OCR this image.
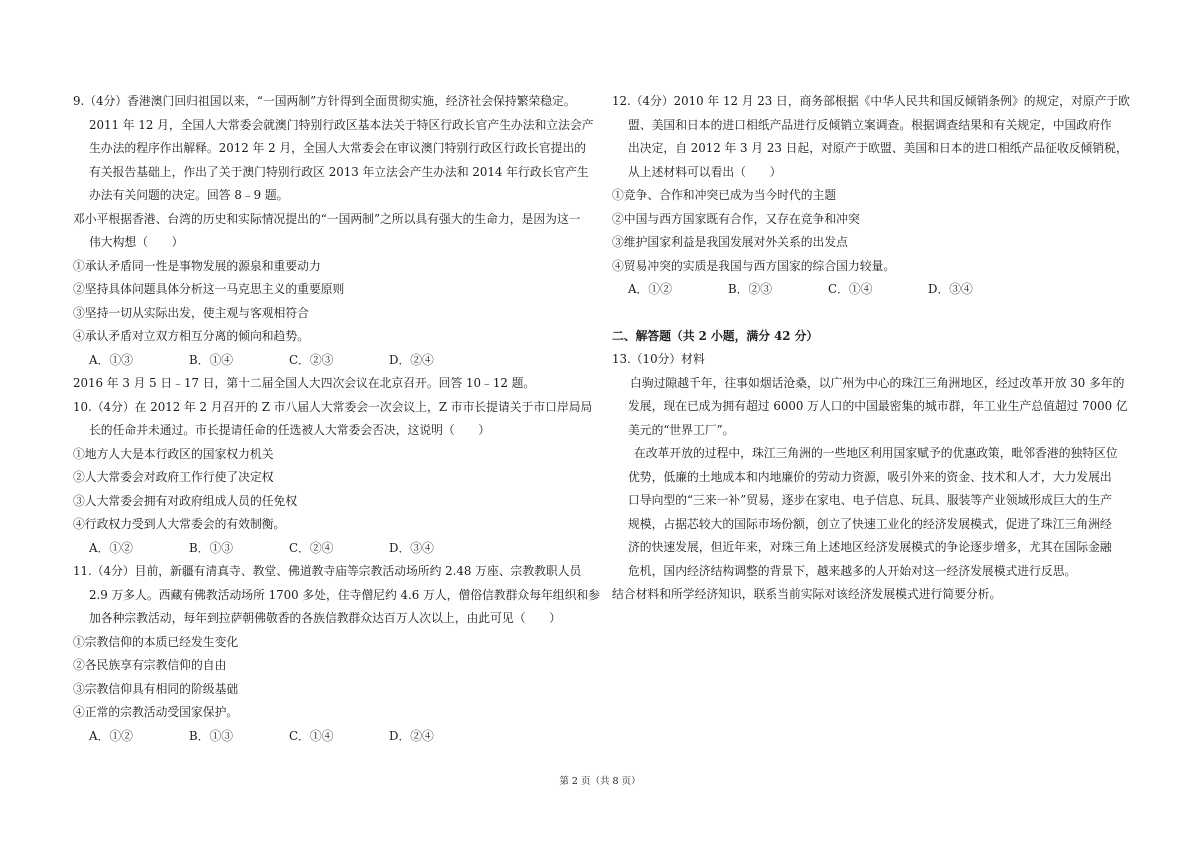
9.（4分）香港澳门回归祖国以来，“一国两制”方针得到全面贯彻实施，经济社会保持繁荣稳定。
2011 年 12 月，全国人大常委会就澳门特别行政区基本法关于特区行政长官产生办法和立法会产
生办法的程序作出解释。2012 年 2 月，全国人大常委会在审议澳门特别行政区行政长官提出的
有关报告基础上，作出了关于澳门特别行政区 2013 年立法会产生办法和 2014 年行政长官产生
办法有关问题的决定。回答 8﹣9 题。
邓小平根据香港、台湾的历史和实际情况提出的“一国两制”之所以具有强大的生命力，是因为这一
伟大构想（　　）
①承认矛盾同一性是事物发展的源泉和重要动力
②坚持具体问题具体分析这一马克思主义的重要原则
③坚持一切从实际出发，使主观与客观相符合
④承认矛盾对立双方相互分离的倾向和趋势。
A．①③	B．①④	C．②③	D．②④
2016 年 3 月 5 日﹣17 日，第十二届全国人大四次会议在北京召开。回答 10﹣12 题。
10.（4分）在 2012 年 2 月召开的 Z 市八届人大常委会一次会议上，Z 市市长提请关于市口岸局局
长的任命并未通过。市长提请任命的任选被人大常委会否决，这说明（　　）
①地方人大是本行政区的国家权力机关
②人大常委会对政府工作行使了决定权
③人大常委会拥有对政府组成人员的任免权
④行政权力受到人大常委会的有效制衡。
A．①②	B．①③	C．②④	D．③④
11.（4分）目前，新疆有清真寺、教堂、佛道教寺庙等宗教活动场所约 2.48 万座、宗教教职人员
2.9 万多人。西藏有佛教活动场所 1700 多处，住寺僧尼约 4.6 万人，僧俗信教群众每年组织和参
加各种宗教活动，每年到拉萨朝佛敬香的各族信教群众达百万人次以上，由此可见（　　）
①宗教信仰的本质已经发生变化
②各民族享有宗教信仰的自由
③宗教信仰具有相同的阶级基础
④正常的宗教活动受国家保护。
A．①②	B．①③	C．①④	D．②④
12.（4分）2010 年 12 月 23 日，商务部根据《中华人民共和国反倾销条例》的规定，对原产于欧
盟、美国和日本的进口相纸产品进行反倾销立案调查。根据调查结果和有关规定，中国政府作
出决定，自 2012 年 3 月 23 日起，对原产于欧盟、美国和日本的进口相纸产品征收反倾销税，
从上述材料可以看出（　　）
①竞争、合作和冲突已成为当今时代的主题
②中国与西方国家既有合作，又存在竞争和冲突
③维护国家利益是我国发展对外关系的出发点
④贸易冲突的实质是我国与西方国家的综合国力较量。
A．①②	B．②③	C．①④	D．③④
二、解答题（共 2 小题，满分 42 分）
13.（10分）材料
白驹过隙越千年，往事如烟话沧桑，以广州为中心的珠江三角洲地区，经过改革开放 30 多年的
发展，现在已成为拥有超过 6000 万人口的中国最密集的城市群，年工业生产总值超过 7000 亿
美元的“世界工厂”。
在改革开放的过程中，珠江三角洲的一些地区利用国家赋予的优惠政策，毗邻香港的独特区位
优势，低廉的土地成本和内地廉价的劳动力资源，吸引外来的资金、技术和人才，大力发展出
口导向型的“三来一补”贸易，逐步在家电、电子信息、玩具、服装等产业领域形成巨大的生产
规模，占据芯较大的国际市场份额，创立了快速工业化的经济发展模式，促进了珠江三角洲经
济的快速发展，但近年来，对珠三角上述地区经济发展模式的争论逐步增多，尤其在国际金融
危机，国内经济结构调整的背景下，越来越多的人开始对这一经济发展模式进行反思。
结合材料和所学经济知识，联系当前实际对该经济发展模式进行简要分析。
第 2 页（共 8 页）
